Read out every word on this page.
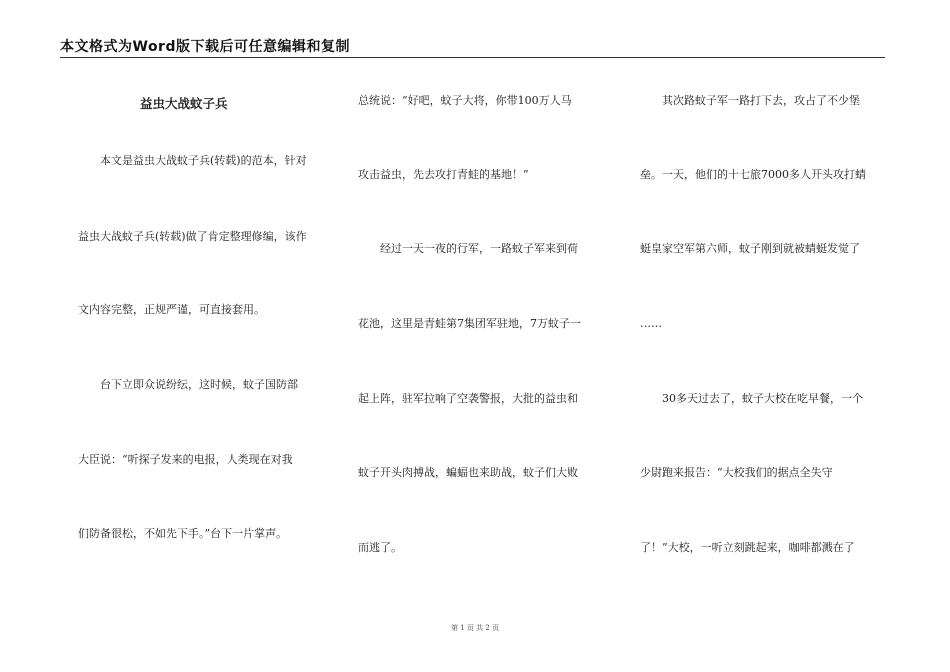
本文格式为Word版下载后可任意编辑和复制
益虫大战蚊子兵
　　本文是益虫大战蚊子兵(转载)的范本，针对
益虫大战蚊子兵(转载)做了肯定整理修编，该作
文内容完整，正规严谨，可直接套用。
　　台下立即众说纷纭，这时候，蚊子国防部
大臣说：“听探子发来的电报，人类现在对我
们防备很松，不如先下手。”台下一片掌声。
总统说：“好吧，蚊子大将，你带100万人马
攻击益虫，先去攻打青蛙的基地！”
　　经过一天一夜的行军，一路蚊子军来到荷
花池，这里是青蛙第7集团军驻地，7万蚊子一
起上阵，驻军拉响了空袭警报，大批的益虫和
蚊子开头肉搏战，蝙蝠也来助战，蚊子们大败
而逃了。
　　其次路蚊子军一路打下去，攻占了不少堡
垒。一天，他们的十七旅7000多人开头攻打蜻
蜓皇家空军第六师，蚊子刚到就被蜻蜓发觉了
……
　　30多天过去了，蚊子大校在吃早餐，一个
少尉跑来报告：“大校我们的据点全失守
了！”大校，一听立刻跳起来，咖啡都溅在了
第 1 页 共 2 页
